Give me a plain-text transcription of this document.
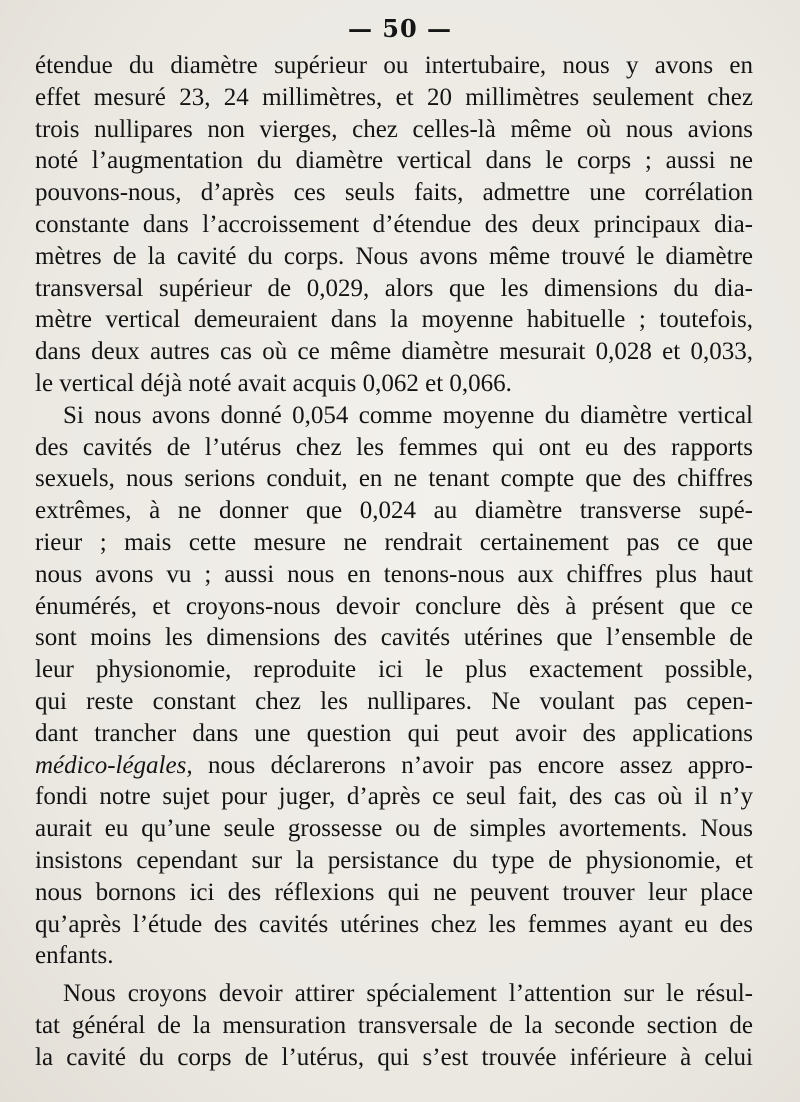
— 50 —
étendue du diamètre supérieur ou intertubaire, nous y avons en
effet mesuré 23, 24 millimètres, et 20 millimètres seulement chez
trois nullipares non vierges, chez celles-là même où nous avions
noté l’augmentation du diamètre vertical dans le corps ; aussi ne
pouvons-nous, d’après ces seuls faits, admettre une corrélation
constante dans l’accroissement d’étendue des deux principaux dia-
mètres de la cavité du corps. Nous avons même trouvé le diamètre
transversal supérieur de 0,029, alors que les dimensions du dia-
mètre vertical demeuraient dans la moyenne habituelle ; toutefois,
dans deux autres cas où ce même diamètre mesurait 0,028 et 0,033,
le vertical déjà noté avait acquis 0,062 et 0,066.
Si nous avons donné 0,054 comme moyenne du diamètre vertical
des cavités de l’utérus chez les femmes qui ont eu des rapports
sexuels, nous serions conduit, en ne tenant compte que des chiffres
extrêmes, à ne donner que 0,024 au diamètre transverse supé-
rieur ; mais cette mesure ne rendrait certainement pas ce que
nous avons vu ; aussi nous en tenons-nous aux chiffres plus haut
énumérés, et croyons-nous devoir conclure dès à présent que ce
sont moins les dimensions des cavités utérines que l’ensemble de
leur physionomie, reproduite ici le plus exactement possible,
qui reste constant chez les nullipares. Ne voulant pas cepen-
dant trancher dans une question qui peut avoir des applications
médico-légales, nous déclarerons n’avoir pas encore assez appro-
fondi notre sujet pour juger, d’après ce seul fait, des cas où il n’y
aurait eu qu’une seule grossesse ou de simples avortements. Nous
insistons cependant sur la persistance du type de physionomie, et
nous bornons ici des réflexions qui ne peuvent trouver leur place
qu’après l’étude des cavités utérines chez les femmes ayant eu des
enfants.
Nous croyons devoir attirer spécialement l’attention sur le résul-
tat général de la mensuration transversale de la seconde section de
la cavité du corps de l’utérus, qui s’est trouvée inférieure à celui
